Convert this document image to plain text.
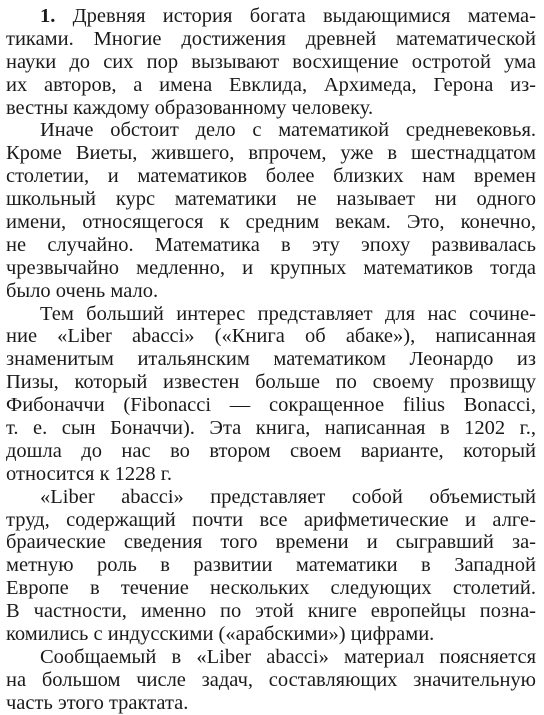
1. Древняя история богата выдающимися матема-
тиками. Многие достижения древней математической
науки до сих пор вызывают восхищение остротой ума
их авторов, а имена Евклида, Архимеда, Герона из-
вестны каждому образованному человеку.
Иначе обстоит дело с математикой средневековья.
Кроме Виеты, жившего, впрочем, уже в шестнадцатом
столетии, и математиков более близких нам времен
школьный курс математики не называет ни одного
имени, относящегося к средним векам. Это, конечно,
не случайно. Математика в эту эпоху развивалась
чрезвычайно медленно, и крупных математиков тогда
было очень мало.
Тем больший интерес представляет для нас сочине-
ние «Liber abacci» («Книга об абаке»), написанная
знаменитым итальянским математиком Леонардо из
Пизы, который известен больше по своему прозвищу
Фибоначчи (Fibonacci — сокращенное filius Bonacci,
т. е. сын Боначчи). Эта книга, написанная в 1202 г.,
дошла до нас во втором своем варианте, который
относится к 1228 г.
«Liber abacci» представляет собой объемистый
труд, содержащий почти все арифметические и алге-
браические сведения того времени и сыгравший за-
метную роль в развитии математики в Западной
Европе в течение нескольких следующих столетий.
В частности, именно по этой книге европейцы позна-
комились с индусскими («арабскими») цифрами.
Сообщаемый в «Liber abacci» материал поясняется
на большом числе задач, составляющих значительную
часть этого трактата.
